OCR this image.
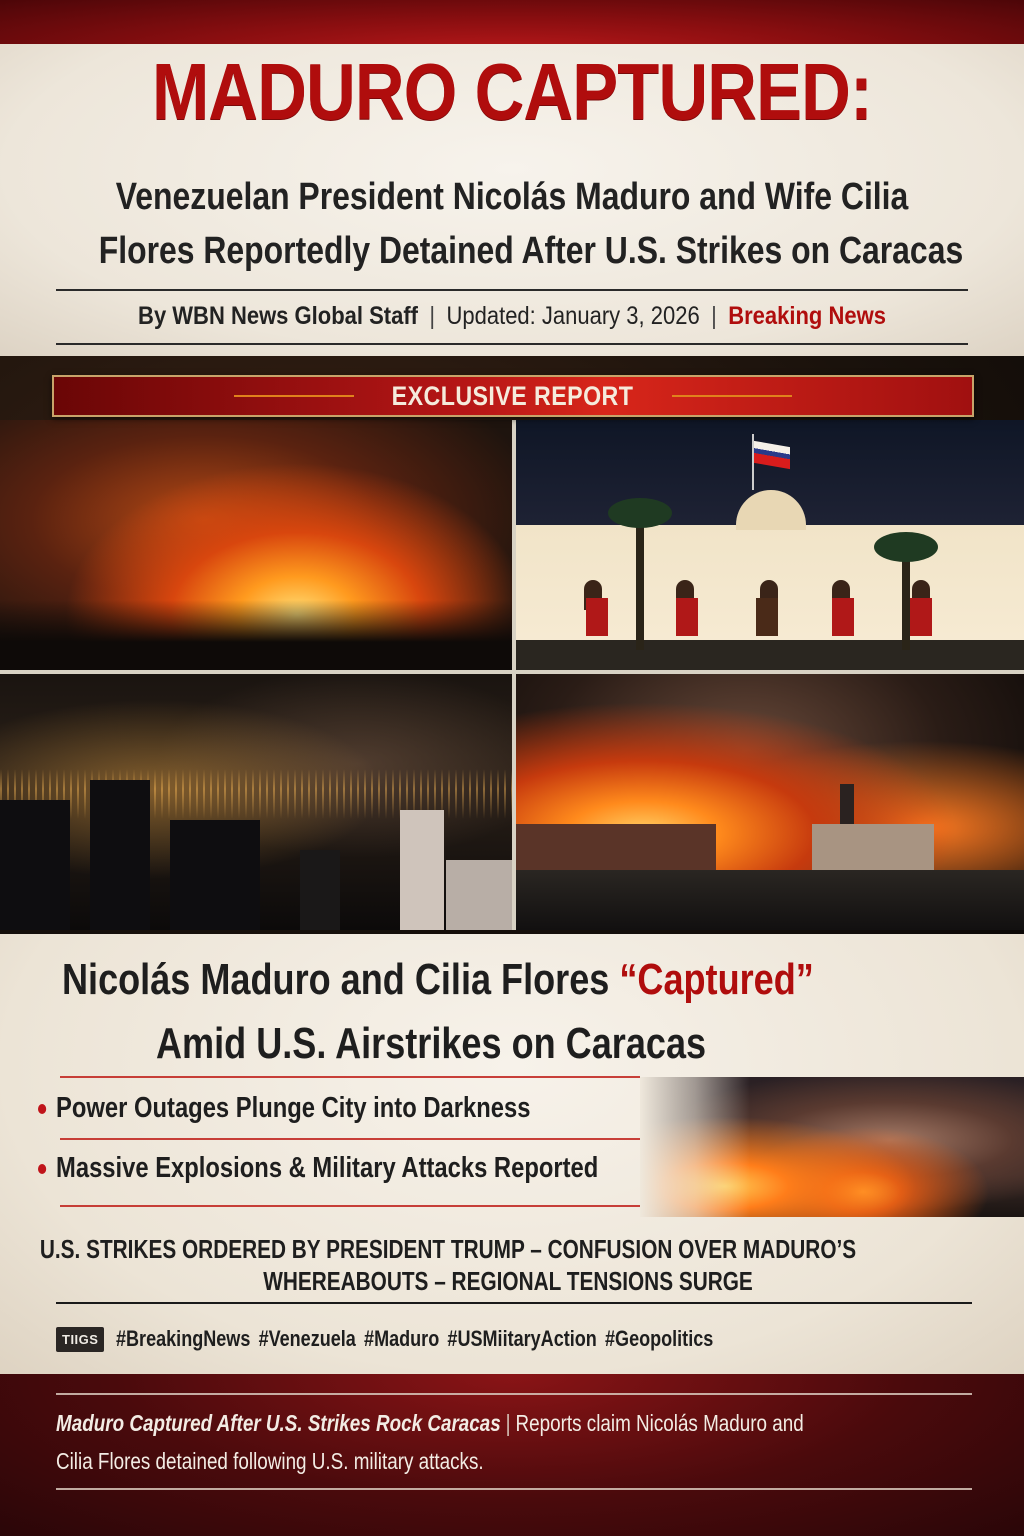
MADURO CAPTURED:
Venezuelan President Nicolás Maduro and Wife Cilia
Flores Reportedly Detained After U.S. Strikes on Caracas
By WBN News Global Staff | Updated: January 3, 2026 | Breaking News
EXCLUSIVE REPORT
Nicolás Maduro and Cilia Flores “Captured”
Amid U.S. Airstrikes on Caracas
Power Outages Plunge City into Darkness
Massive Explosions & Military Attacks Reported
U.S. STRIKES ORDERED BY PRESIDENT TRUMP – CONFUSION OVER MADURO’S
WHEREABOUTS – REGIONAL TENSIONS SURGE
TIIGS #BreakingNews #Venezuela #Maduro #USMiitaryAction #Geopolitics
Maduro Captured After U.S. Strikes Rock Caracas | Reports claim Nicolás Maduro and
Cilia Flores detained following U.S. military attacks.
